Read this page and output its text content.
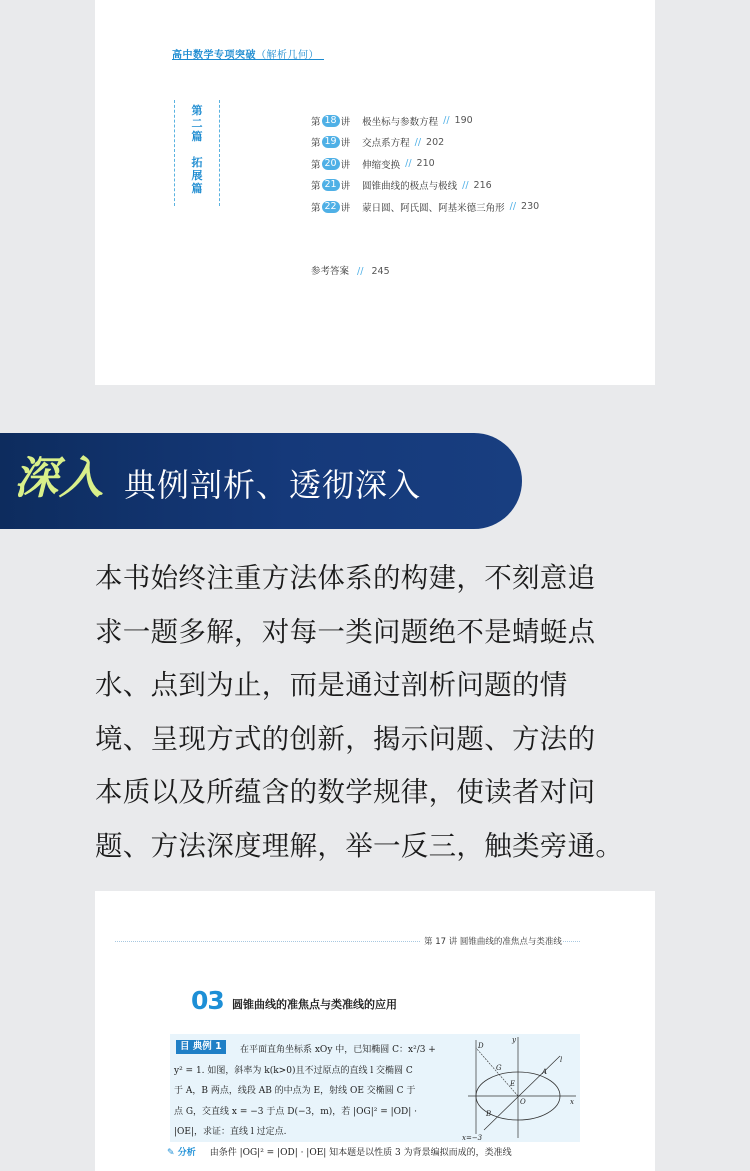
高中数学专项突破（解析几何）
第
二
篇

拓
展
篇
第 18 讲 极坐标与参数方程 // 190
第 19 讲 交点系方程 // 202
第 20 讲 伸缩变换 // 210
第 21 讲 圆锥曲线的极点与极线 // 216
第 22 讲 蒙日圆、阿氏圆、阿基米德三角形 // 230
参考答案 // 245
深入 典例剖析、透彻深入
本书始终注重方法体系的构建，不刻意追
求一题多解，对每一类问题绝不是蜻蜓点
水、点到为止，而是通过剖析问题的情
境、呈现方式的创新，揭示问题、方法的
本质以及所蕴含的数学规律，使读者对问
题、方法深度理解，举一反三，触类旁通。
第 17 讲 圆锥曲线的准焦点与类准线
03 圆锥曲线的准焦点与类准线的应用
目 典例 1	在平面直角坐标系 xOy 中，已知椭圆 C：x²/3 +
y² = 1. 如图，斜率为 k(k>0)且不过原点的直线 l 交椭圆 C
于 A，B 两点，线段 AB 的中点为 E，射线 OE 交椭圆 C 于
点 G，交直线 x = −3 于点 D(−3，m)，若 |OG|² = |OD| ·
|OE|，求证：直线 l 过定点.
y
D
G	A
l
E
O	x
B
x=−3
✎ 分析 由条件 |OG|² = |OD| · |OE| 知本题是以性质 3 为背景编拟而成的，类准线
